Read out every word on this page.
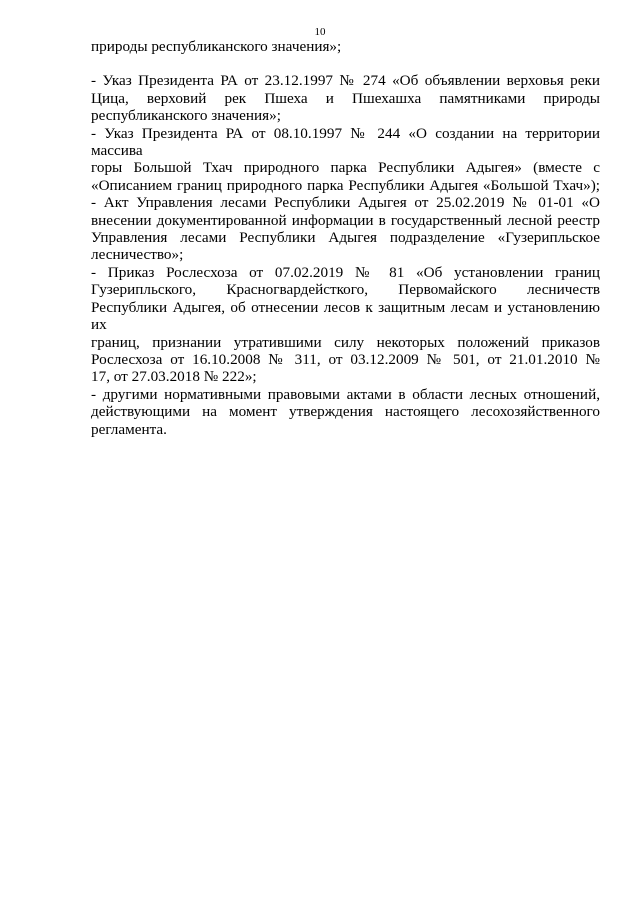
10

природы республиканского значения»;

- Указ Президента РА от 23.12.1997 № 274 «Об объявлении верховья реки
Цица, верховий рек Пшеха и Пшехашха памятниками природы
республиканского значения»;

- Указ Президента РА от 08.10.1997 № 244 «О создании на территории массива
горы Большой Тхач природного парка Республики Адыгея» (вместе с
«Описанием границ природного парка Республики Адыгея «Большой Тхач»);

- Акт Управления лесами Республики Адыгея от 25.02.2019 № 01-01 «О
внесении документированной информации в государственный лесной реестр
Управления лесами Республики Адыгея подразделение «Гузерипльское
лесничество»;

- Приказ Рослесхоза от 07.02.2019 № 81 «Об установлении границ
Гузерипльского, Красногвардейсткого, Первомайского лесничеств
Республики Адыгея, об отнесении лесов к защитным лесам и установлению их
границ, признании утратившими силу некоторых положений приказов
Рослесхоза от 16.10.2008 № 311, от 03.12.2009 № 501, от 21.01.2010 №
17, от 27.03.2018 № 222»;

- другими нормативными правовыми актами в области лесных отношений,
действующими на момент утверждения настоящего лесохозяйственного
регламента.
